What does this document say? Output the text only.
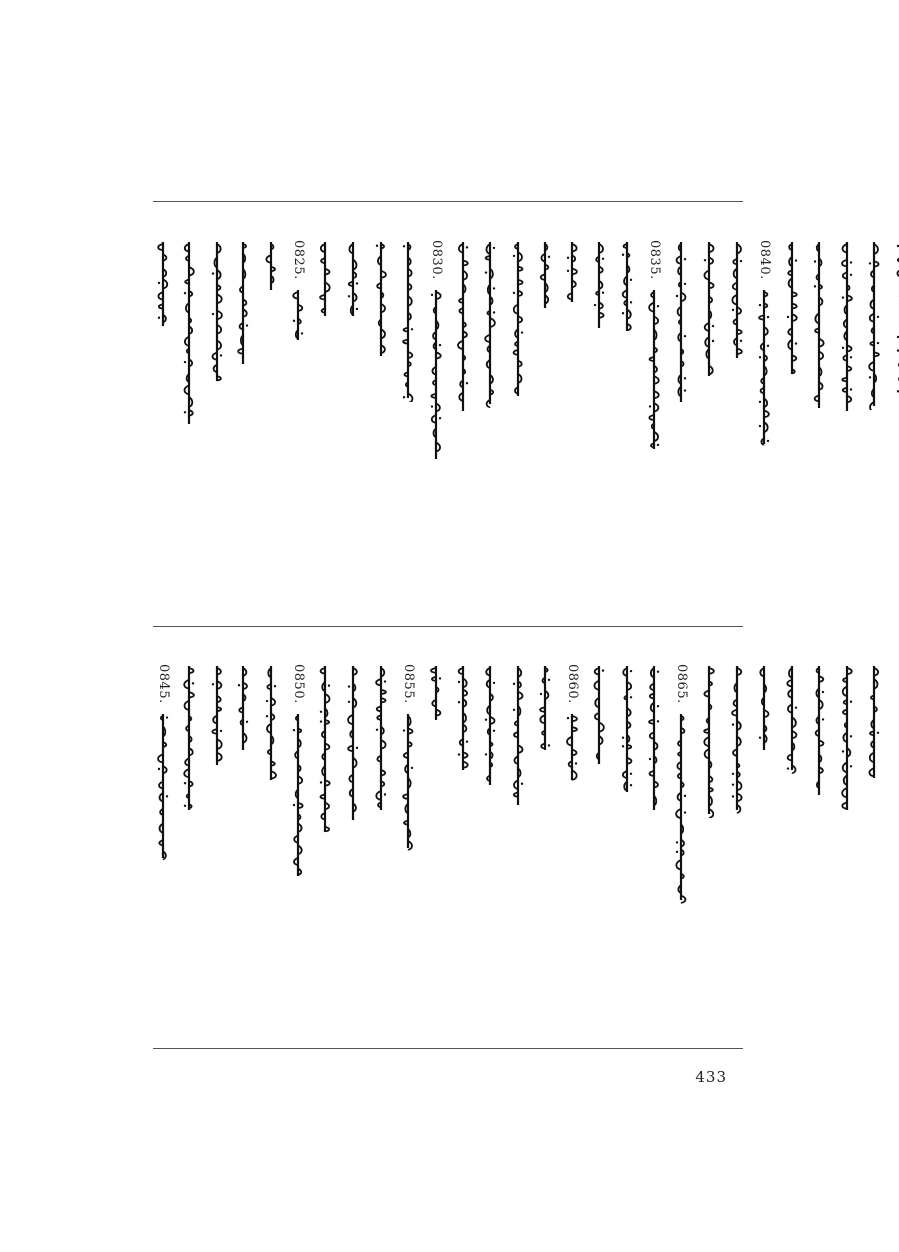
0825.	0830.	0835.	0840.
0845.	0850.	0855.	0860.	0865.
433
